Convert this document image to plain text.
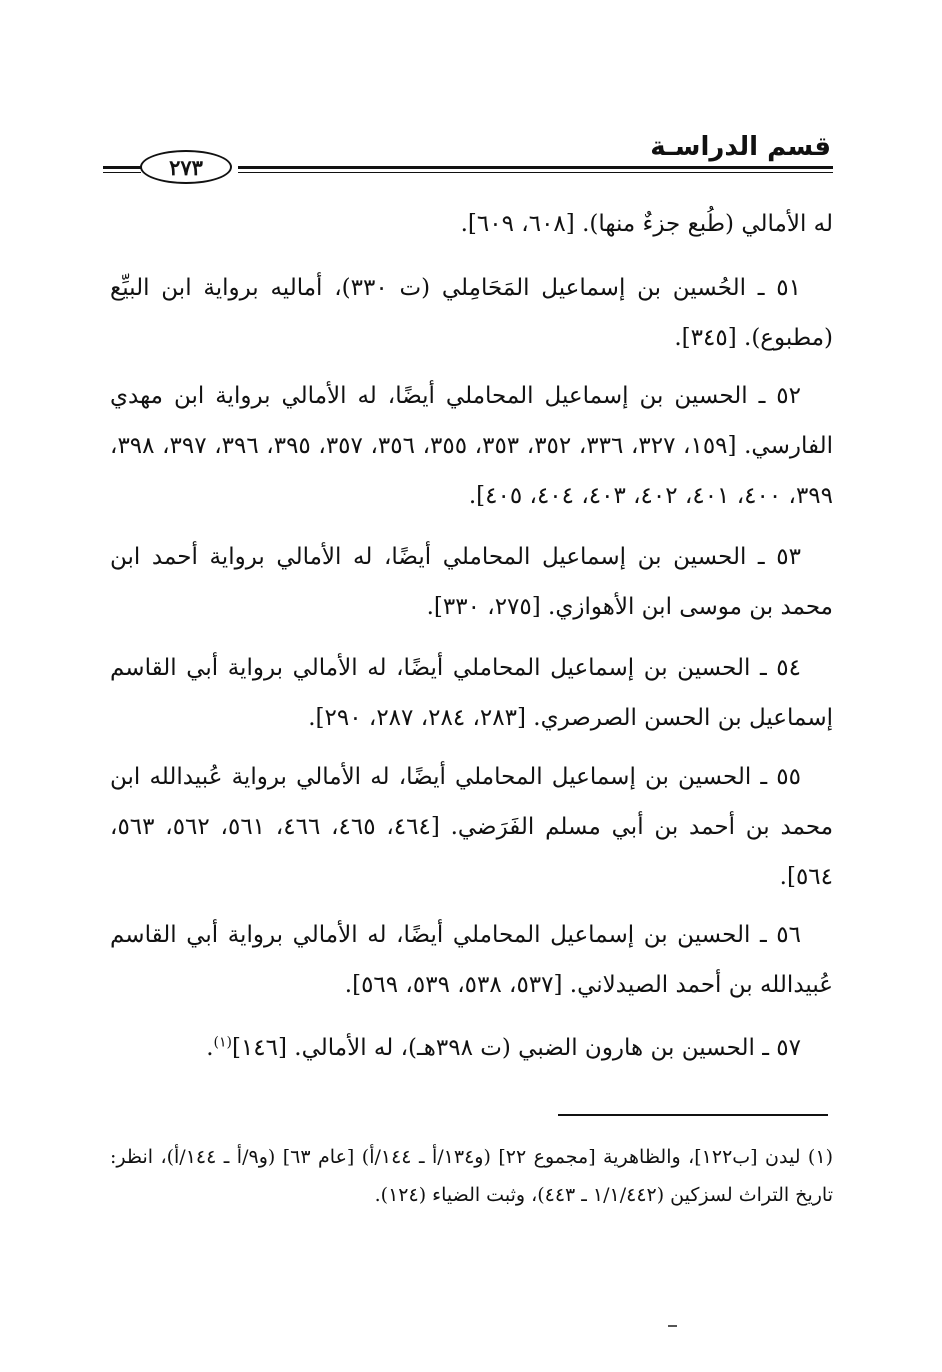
قسم الدراسـة
٢٧٣
له الأمالي (طُبع جزءٌ منها). [٦٠٨، ٦٠٩].
٥١ ـ الحُسين بن إسماعيل المَحَامِلي (ت ٣٣٠)، أماليه برواية ابن البيِّع (مطبوع). [٣٤٥].
٥٢ ـ الحسين بن إسماعيل المحاملي أيضًا، له الأمالي برواية ابن مهدي الفارسي. [١٥٩، ٣٢٧، ٣٣٦، ٣٥٢، ٣٥٣، ٣٥٥، ٣٥٦، ٣٥٧، ٣٩٥، ٣٩٦، ٣٩٧، ٣٩٨، ٣٩٩، ٤٠٠، ٤٠١، ٤٠٢، ٤٠٣، ٤٠٤، ٤٠٥].
٥٣ ـ الحسين بن إسماعيل المحاملي أيضًا، له الأمالي برواية أحمد ابن محمد بن موسى ابن الأهوازي. [٢٧٥، ٣٣٠].
٥٤ ـ الحسين بن إسماعيل المحاملي أيضًا، له الأمالي برواية أبي القاسم إسماعيل بن الحسن الصرصري. [٢٨٣، ٢٨٤، ٢٨٧، ٢٩٠].
٥٥ ـ الحسين بن إسماعيل المحاملي أيضًا، له الأمالي برواية عُبيدالله ابن محمد بن أحمد بن أبي مسلم الفَرَضي. [٤٦٤، ٤٦٥، ٤٦٦، ٥٦١، ٥٦٢، ٥٦٣، ٥٦٤].
٥٦ ـ الحسين بن إسماعيل المحاملي أيضًا، له الأمالي برواية أبي القاسم عُبيدالله بن أحمد الصيدلاني. [٥٣٧، ٥٣٨، ٥٣٩، ٥٦٩].
٥٧ ـ الحسين بن هارون الضبي (ت ٣٩٨هـ)، له الأمالي. [١٤٦]$^{(١)}$.
(١) ليدن [ب١٢٢]، والظاهرية [مجموع ٢٢] (و١٣٤/أ ـ ١٤٤/أ) [عام ٦٣] (و٩/أ ـ ١٤٤/أ)، انظر: تاريخ التراث لسزكين (١/١/٤٤٢ ـ ٤٤٣)، وثبت الضياء (١٢٤).
